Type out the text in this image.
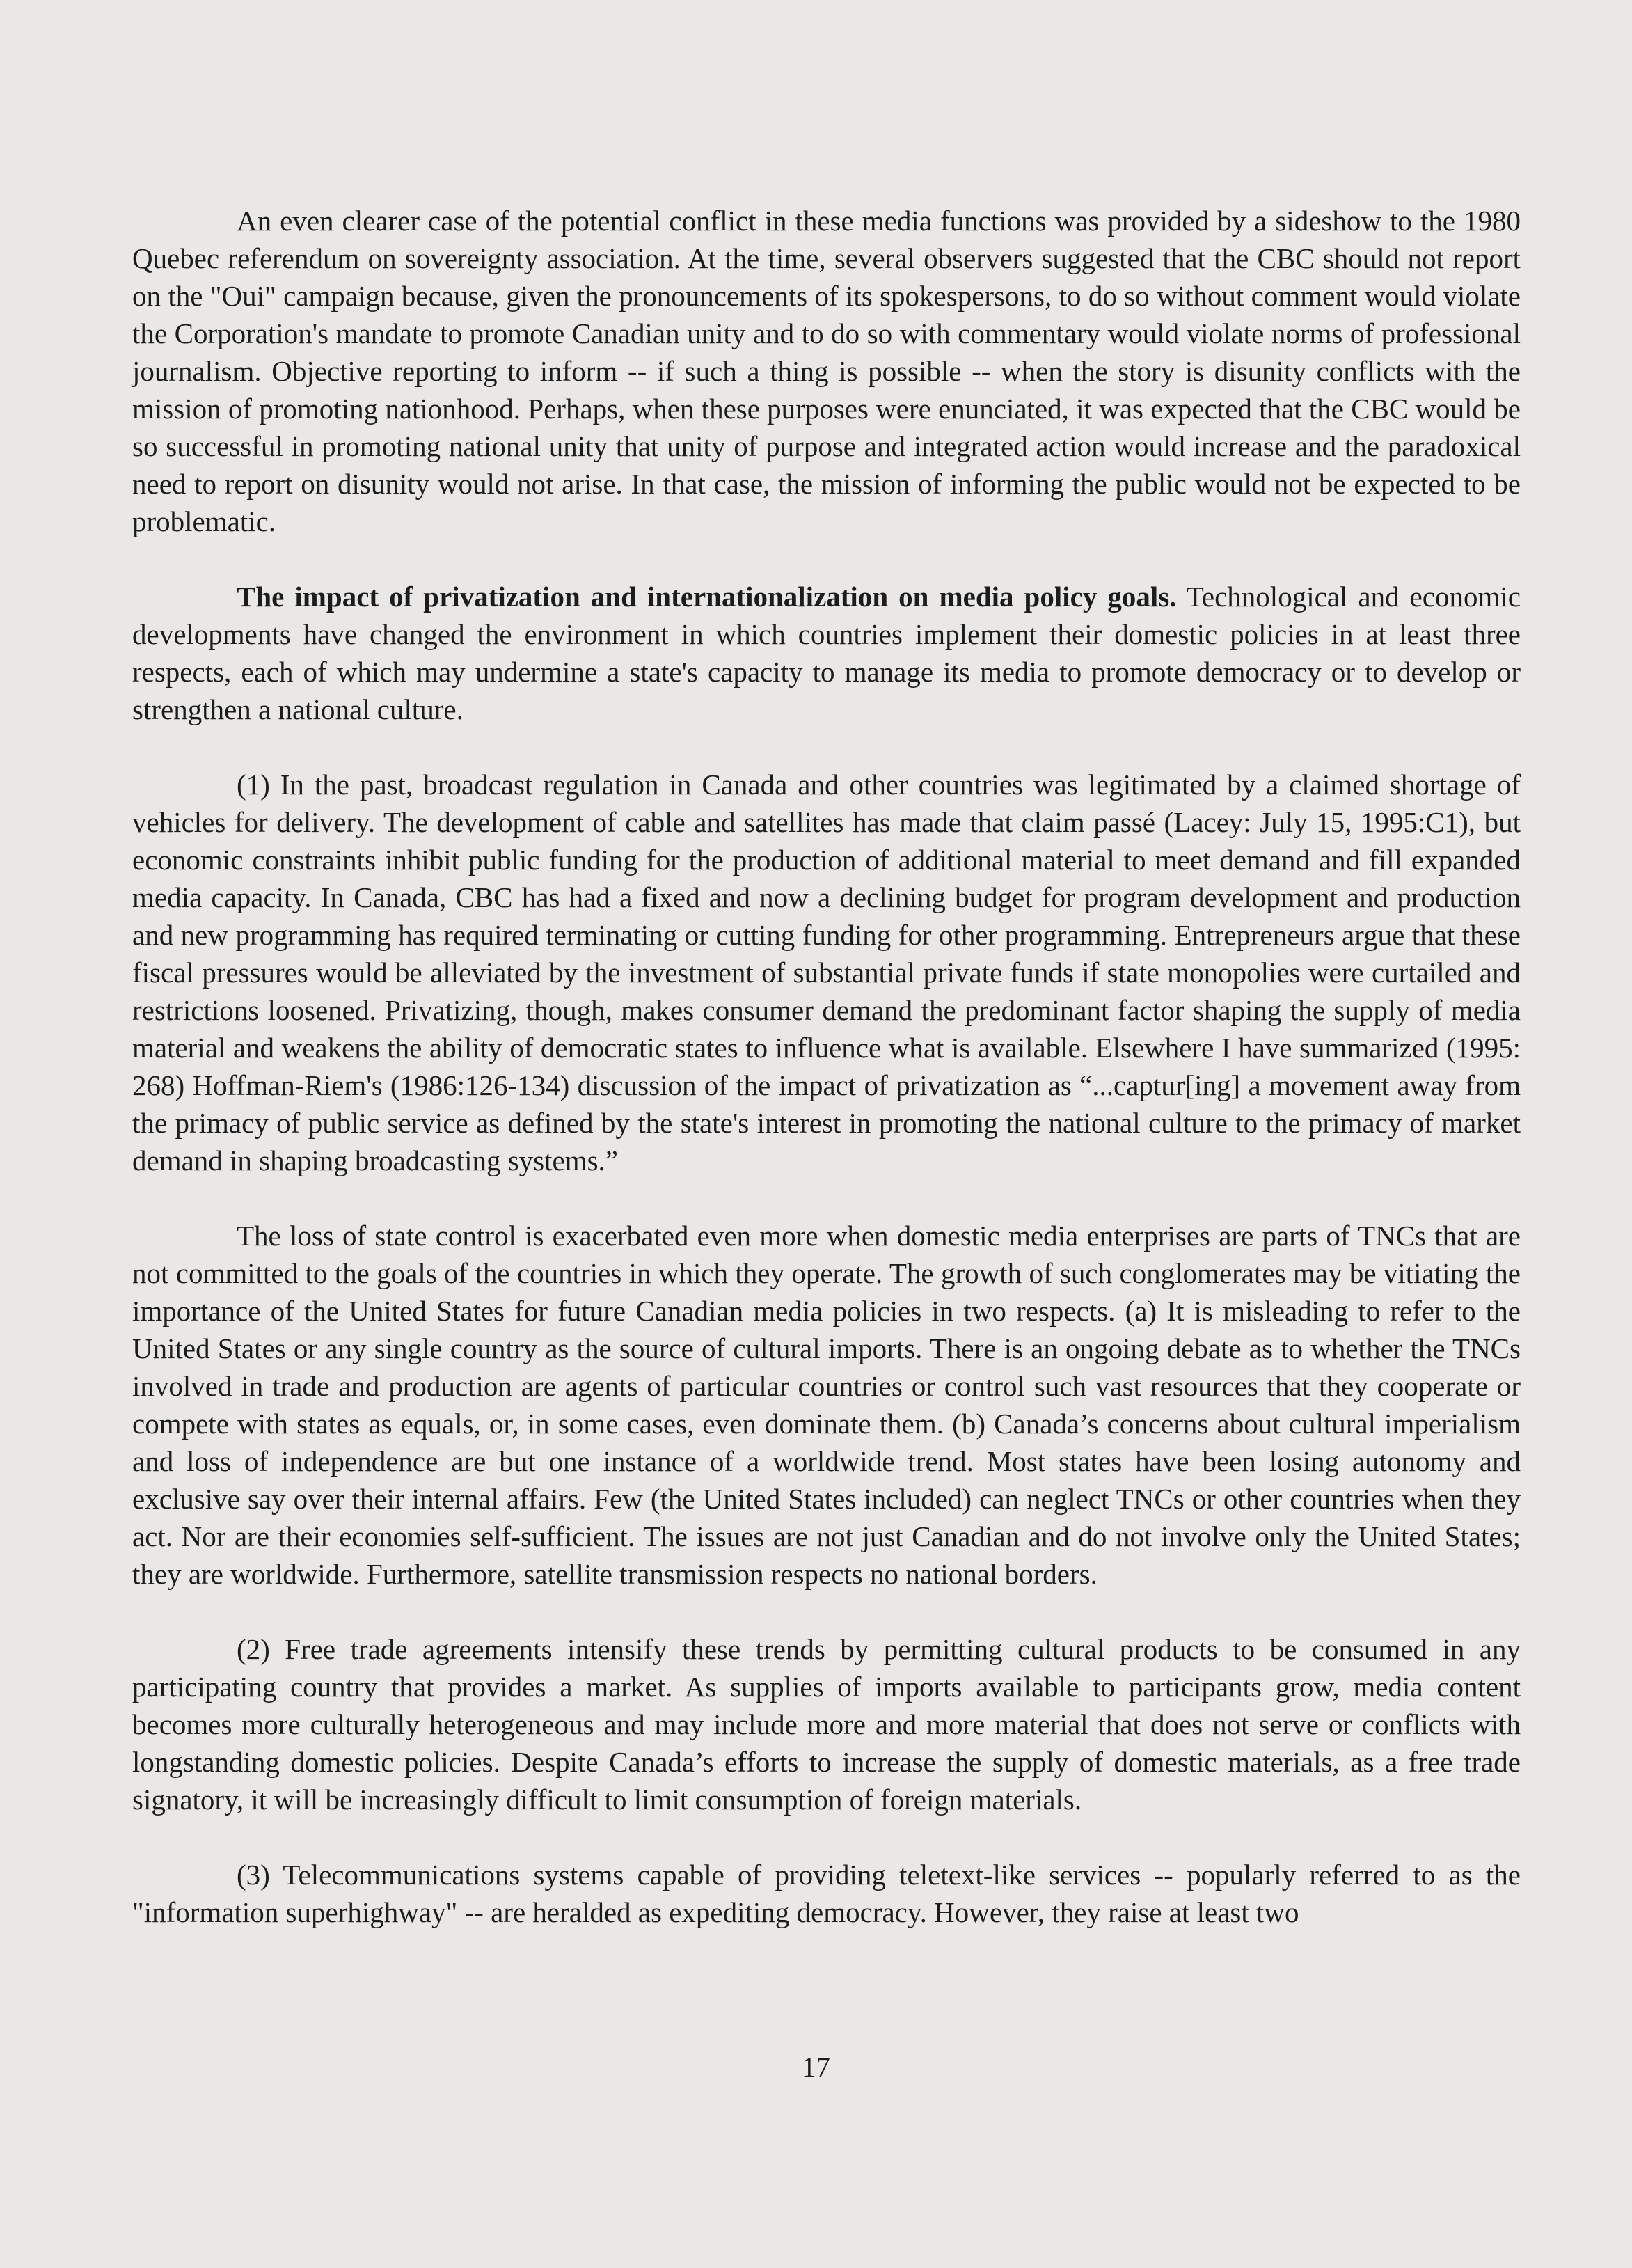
An even clearer case of the potential conflict in these media functions was provided by a sideshow to the 1980 Quebec referendum on sovereignty association. At the time, several observers suggested that the CBC should not report on the "Oui" campaign because, given the pronouncements of its spokespersons, to do so without comment would violate the Corporation's mandate to promote Canadian unity and to do so with commentary would violate norms of professional journalism. Objective reporting to inform -- if such a thing is possible -- when the story is disunity conflicts with the mission of promoting nationhood. Perhaps, when these purposes were enunciated, it was expected that the CBC would be so successful in promoting national unity that unity of purpose and integrated action would increase and the paradoxical need to report on disunity would not arise. In that case, the mission of informing the public would not be expected to be problematic.

The impact of privatization and internationalization on media policy goals. Technological and economic developments have changed the environment in which countries implement their domestic policies in at least three respects, each of which may undermine a state's capacity to manage its media to promote democracy or to develop or strengthen a national culture.

(1) In the past, broadcast regulation in Canada and other countries was legitimated by a claimed shortage of vehicles for delivery. The development of cable and satellites has made that claim passé (Lacey: July 15, 1995:C1), but economic constraints inhibit public funding for the production of additional material to meet demand and fill expanded media capacity. In Canada, CBC has had a fixed and now a declining budget for program development and production and new programming has required terminating or cutting funding for other programming. Entrepreneurs argue that these fiscal pressures would be alleviated by the investment of substantial private funds if state monopolies were curtailed and restrictions loosened. Privatizing, though, makes consumer demand the predominant factor shaping the supply of media material and weakens the ability of democratic states to influence what is available. Elsewhere I have summarized (1995: 268) Hoffman-Riem's (1986:126-134) discussion of the impact of privatization as “...captur[ing] a movement away from the primacy of public service as defined by the state's interest in promoting the national culture to the primacy of market demand in shaping broadcasting systems.”

The loss of state control is exacerbated even more when domestic media enterprises are parts of TNCs that are not committed to the goals of the countries in which they operate. The growth of such conglomerates may be vitiating the importance of the United States for future Canadian media policies in two respects. (a) It is misleading to refer to the United States or any single country as the source of cultural imports. There is an ongoing debate as to whether the TNCs involved in trade and production are agents of particular countries or control such vast resources that they cooperate or compete with states as equals, or, in some cases, even dominate them. (b) Canada’s concerns about cultural imperialism and loss of independence are but one instance of a worldwide trend. Most states have been losing autonomy and exclusive say over their internal affairs. Few (the United States included) can neglect TNCs or other countries when they act. Nor are their economies self-sufficient. The issues are not just Canadian and do not involve only the United States; they are worldwide. Furthermore, satellite transmission respects no national borders.

(2) Free trade agreements intensify these trends by permitting cultural products to be consumed in any participating country that provides a market. As supplies of imports available to participants grow, media content becomes more culturally heterogeneous and may include more and more material that does not serve or conflicts with longstanding domestic policies. Despite Canada’s efforts to increase the supply of domestic materials, as a free trade signatory, it will be increasingly difficult to limit consumption of foreign materials.

(3) Telecommunications systems capable of providing teletext-like services -- popularly referred to as the "information superhighway" -- are heralded as expediting democracy. However, they raise at least two

17
